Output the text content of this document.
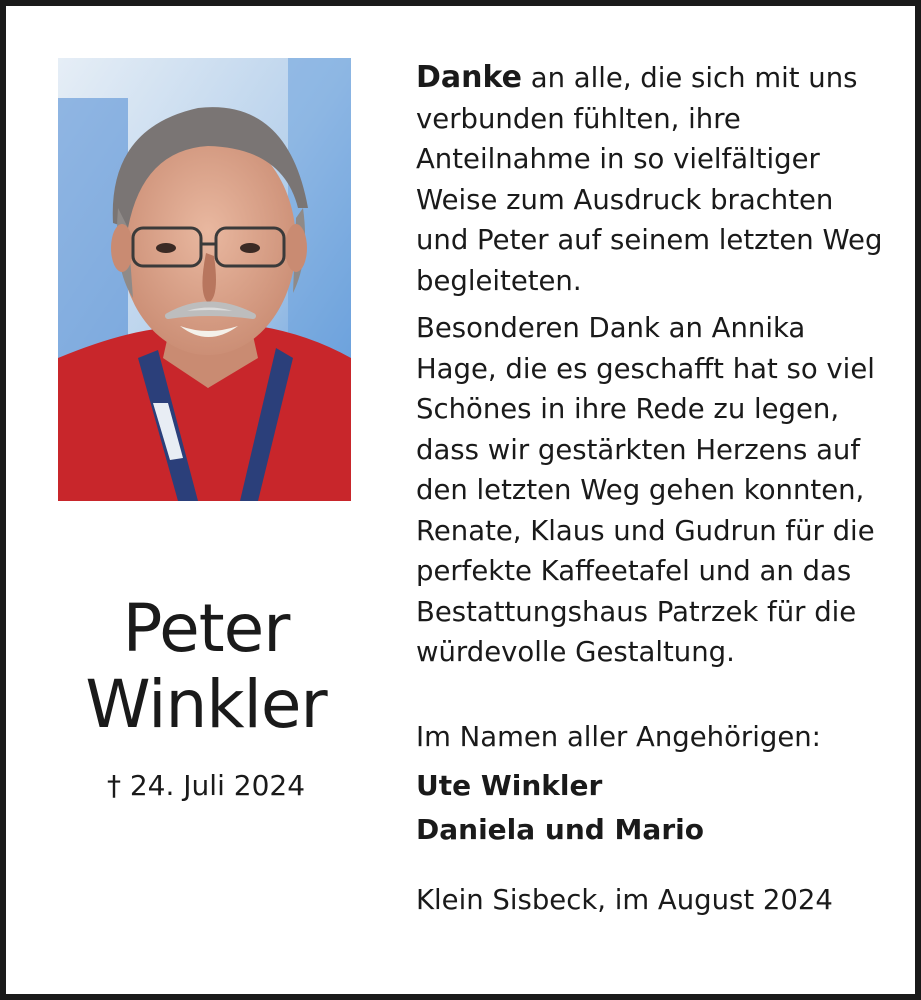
Peter
Winkler
† 24. Juli 2024

Danke an alle, die sich mit uns verbunden fühlten, ihre Anteilnahme in so vielfältiger Weise zum Ausdruck brachten und Peter auf seinem letzten Weg begleiteten.

Besonderen Dank an Annika Hage, die es geschafft hat so viel Schönes in ihre Rede zu legen, dass wir gestärkten Herzens auf den letzten Weg gehen konnten, Renate, Klaus und Gudrun für die perfekte Kaffeetafel und an das Bestattungshaus Patrzek für die würdevolle Gestaltung.

Im Namen aller Angehörigen:

Ute Winkler
Daniela und Mario

Klein Sisbeck, im August 2024
